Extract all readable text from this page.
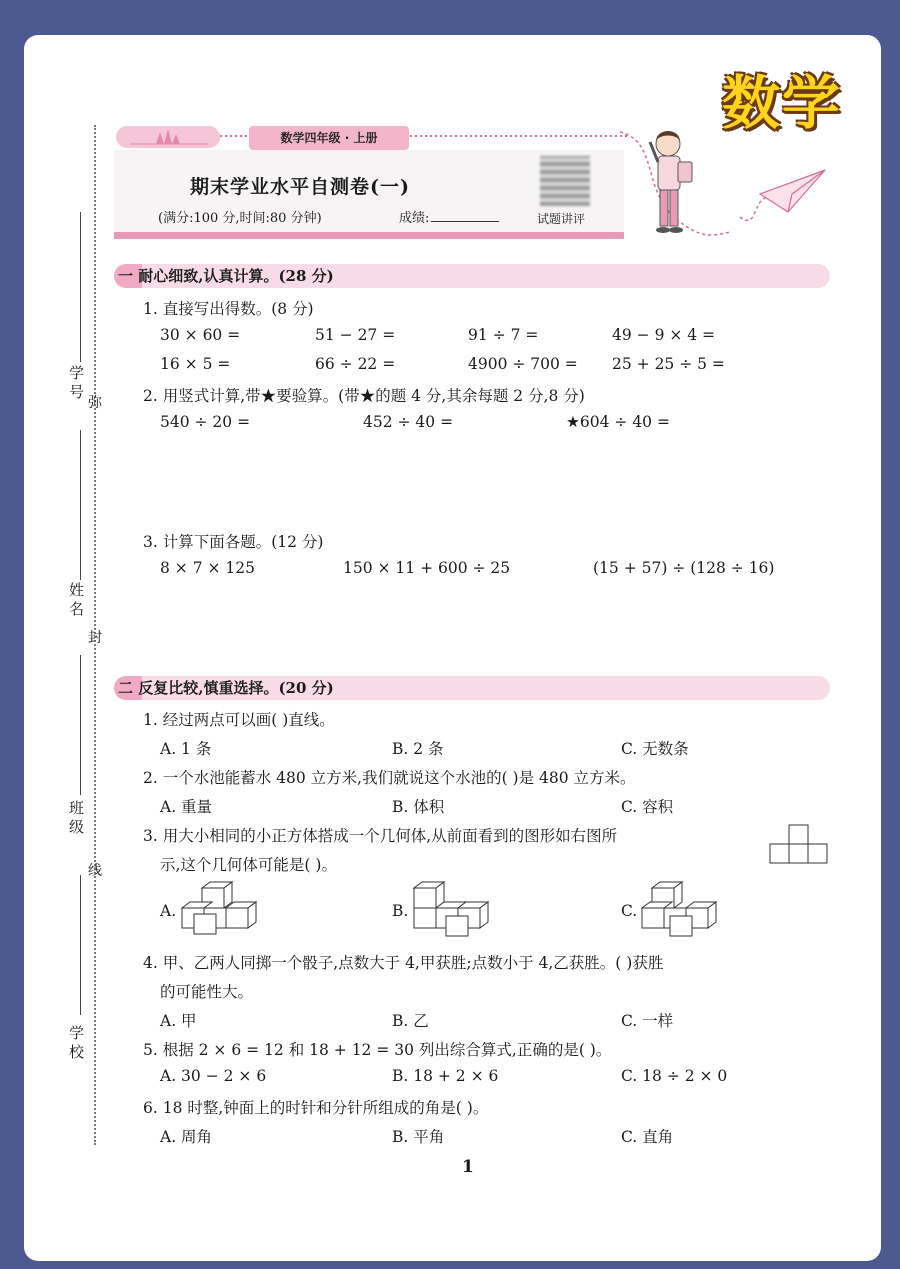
数学
学号
姓名
班级
学校
弥
封
线
数学四年级 · 上册
期末学业水平自测卷(一)
(满分:100 分,时间:80 分钟)	成绩:	试题讲评
一 耐心细致,认真计算。(28 分)
1. 直接写出得数。(8 分)
30 × 60 =	51 − 27 =	91 ÷ 7 =	49 − 9 × 4 =
16 × 5 =	66 ÷ 22 =	4900 ÷ 700 = 25 + 25 ÷ 5 =
2. 用竖式计算,带★要验算。(带★的题 4 分,其余每题 2 分,8 分)
540 ÷ 20 =	452 ÷ 40 =	★604 ÷ 40 =
3. 计算下面各题。(12 分)
8 × 7 × 125	150 × 11 + 600 ÷ 25	(15 + 57) ÷ (128 ÷ 16)
二 反复比较,慎重选择。(20 分)
1. 经过两点可以画( )直线。
A. 1 条	B. 2 条	C. 无数条
2. 一个水池能蓄水 480 立方米,我们就说这个水池的( )是 480 立方米。
A. 重量	B. 体积	C. 容积
3. 用大小相同的小正方体搭成一个几何体,从前面看到的图形如右图所
示,这个几何体可能是( )。
A.	B.	C.
4. 甲、乙两人同掷一个骰子,点数大于 4,甲获胜;点数小于 4,乙获胜。( )获胜
的可能性大。
A. 甲	B. 乙	C. 一样
5. 根据 2 × 6 = 12 和 18 + 12 = 30 列出综合算式,正确的是( )。
A. 30 − 2 × 6	B. 18 + 2 × 6	C. 18 ÷ 2 × 0
6. 18 时整,钟面上的时针和分针所组成的角是( )。
A. 周角	B. 平角	C. 直角
1
